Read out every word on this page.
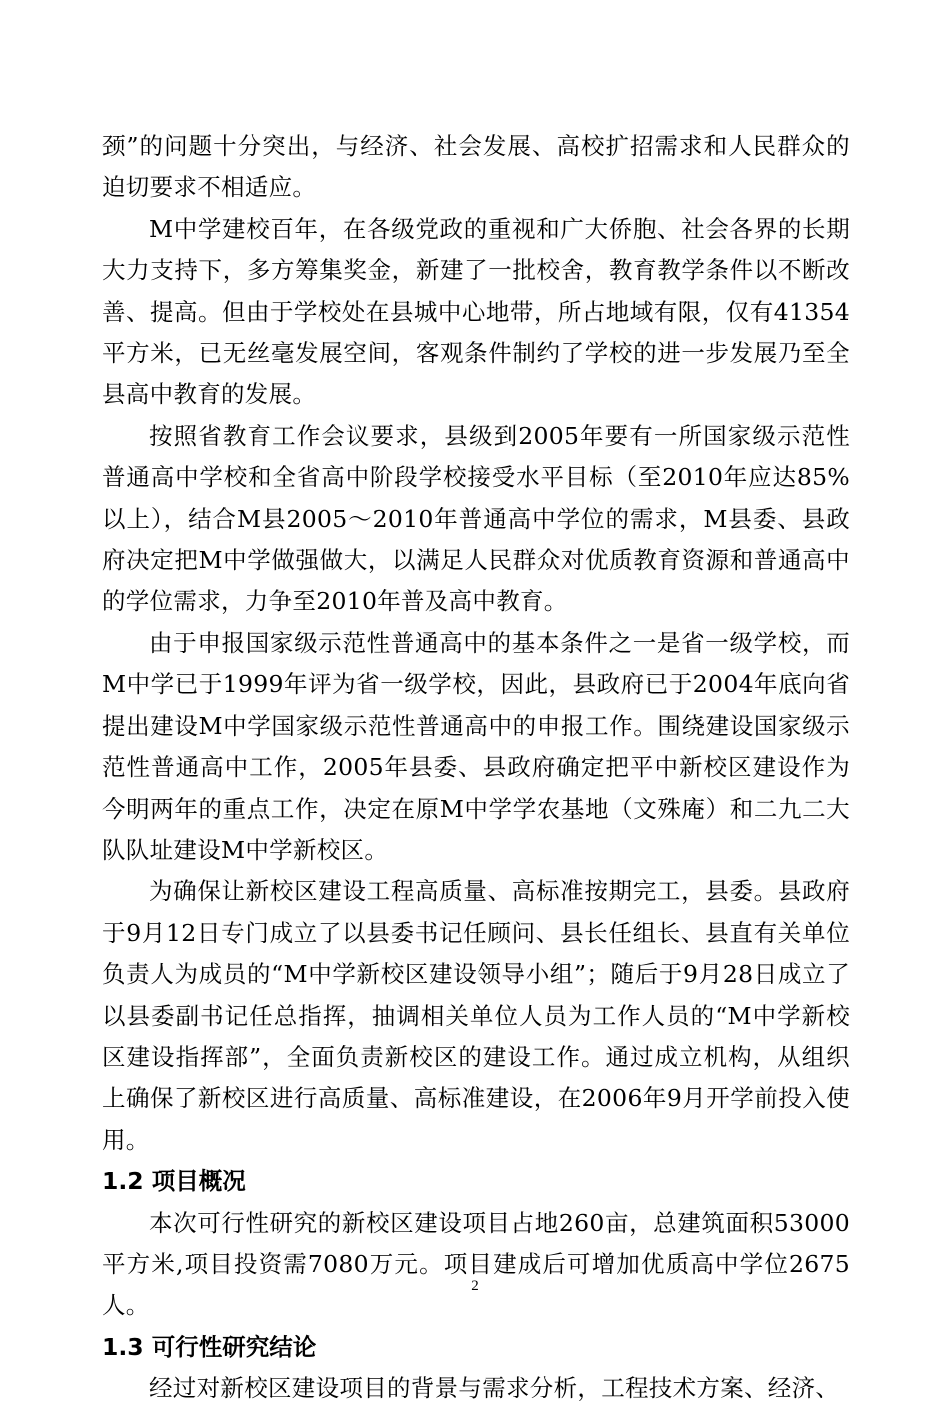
颈”的问题十分突出，与经济、社会发展、高校扩招需求和人民群众的迫切要求不相适应。

M中学建校百年，在各级党政的重视和广大侨胞、社会各界的长期大力支持下，多方筹集奖金，新建了一批校舍，教育教学条件以不断改善、提高。但由于学校处在县城中心地带，所占地域有限，仅有41354平方米，已无丝毫发展空间，客观条件制约了学校的进一步发展乃至全县高中教育的发展。

按照省教育工作会议要求，县级到2005年要有一所国家级示范性普通高中学校和全省高中阶段学校接受水平目标（至2010年应达85%以上），结合M县2005～2010年普通高中学位的需求，M县委、县政府决定把M中学做强做大，以满足人民群众对优质教育资源和普通高中的学位需求，力争至2010年普及高中教育。

由于申报国家级示范性普通高中的基本条件之一是省一级学校，而M中学已于1999年评为省一级学校，因此，县政府已于2004年底向省提出建设M中学国家级示范性普通高中的申报工作。围绕建设国家级示范性普通高中工作，2005年县委、县政府确定把平中新校区建设作为今明两年的重点工作，决定在原M中学学农基地（文殊庵）和二九二大队队址建设M中学新校区。

为确保让新校区建设工程高质量、高标准按期完工，县委。县政府于9月12日专门成立了以县委书记任顾问、县长任组长、县直有关单位负责人为成员的“M中学新校区建设领导小组”；随后于9月28日成立了以县委副书记任总指挥，抽调相关单位人员为工作人员的“M中学新校区建设指挥部”，全面负责新校区的建设工作。通过成立机构，从组织上确保了新校区进行高质量、高标准建设，在2006年9月开学前投入使用。

1.2 项目概况

本次可行性研究的新校区建设项目占地260亩，总建筑面积53000平方米,项目投资需7080万元。项目建成后可增加优质高中学位2675人。

1.3 可行性研究结论

经过对新校区建设项目的背景与需求分析，工程技术方案、经济、

2
